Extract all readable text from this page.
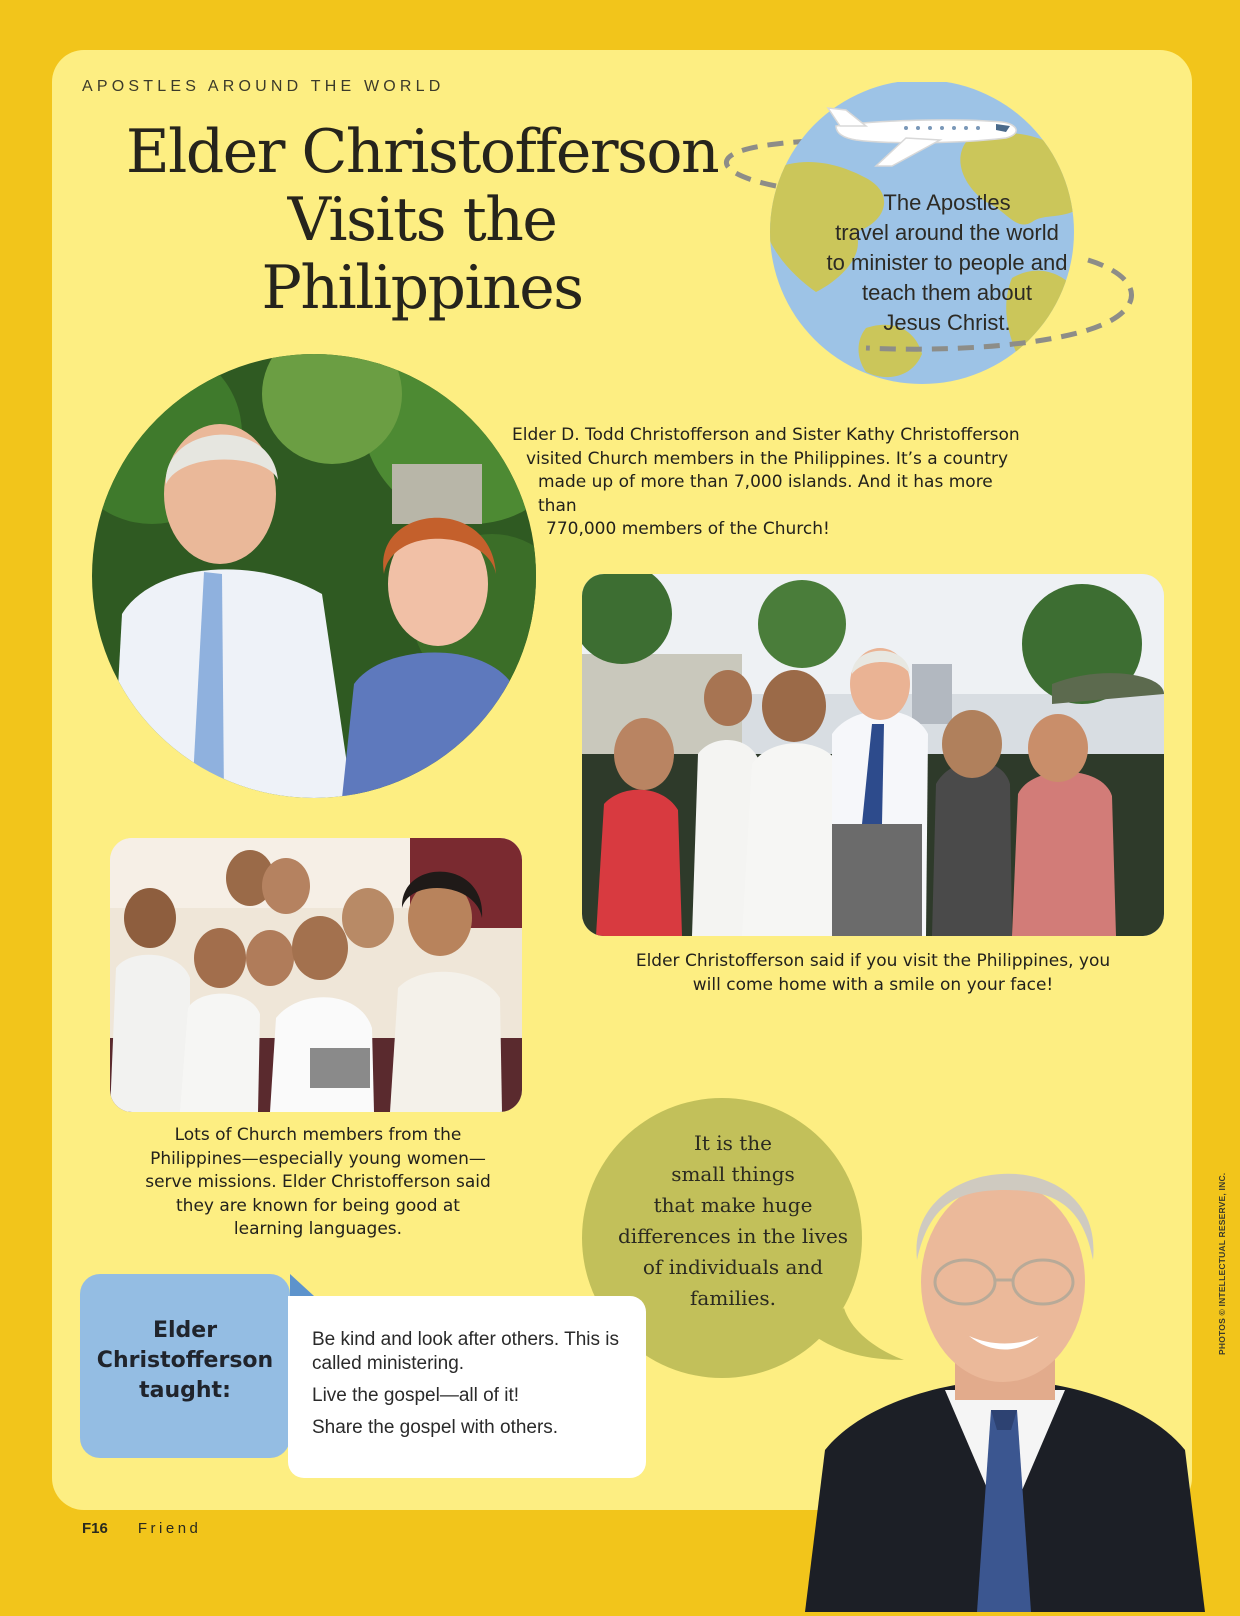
APOSTLES AROUND THE WORLD
Elder Christofferson
Visits the
Philippines
The Apostles
travel around the world
to minister to people and
teach them about
Jesus Christ.
Elder D. Todd Christofferson and Sister Kathy Christofferson
visited Church members in the Philippines. It’s a country
made up of more than 7,000 islands. And it has more than
770,000 members of the Church!
Elder Christofferson said if you visit the Philippines, you will come home with a smile on your face!
Lots of Church members from the Philippines—especially young women—serve missions. Elder Christofferson said they are known for being good at learning languages.
It is the
small things
that make huge
differences in the lives
of individuals and
families.	PHOTOS © INTELLECTUAL RESERVE, INC.
Elder
Christofferson
taught:
Be kind and look after others. This is called ministering.
Live the gospel—all of it!
Share the gospel with others.
F16 Friend
